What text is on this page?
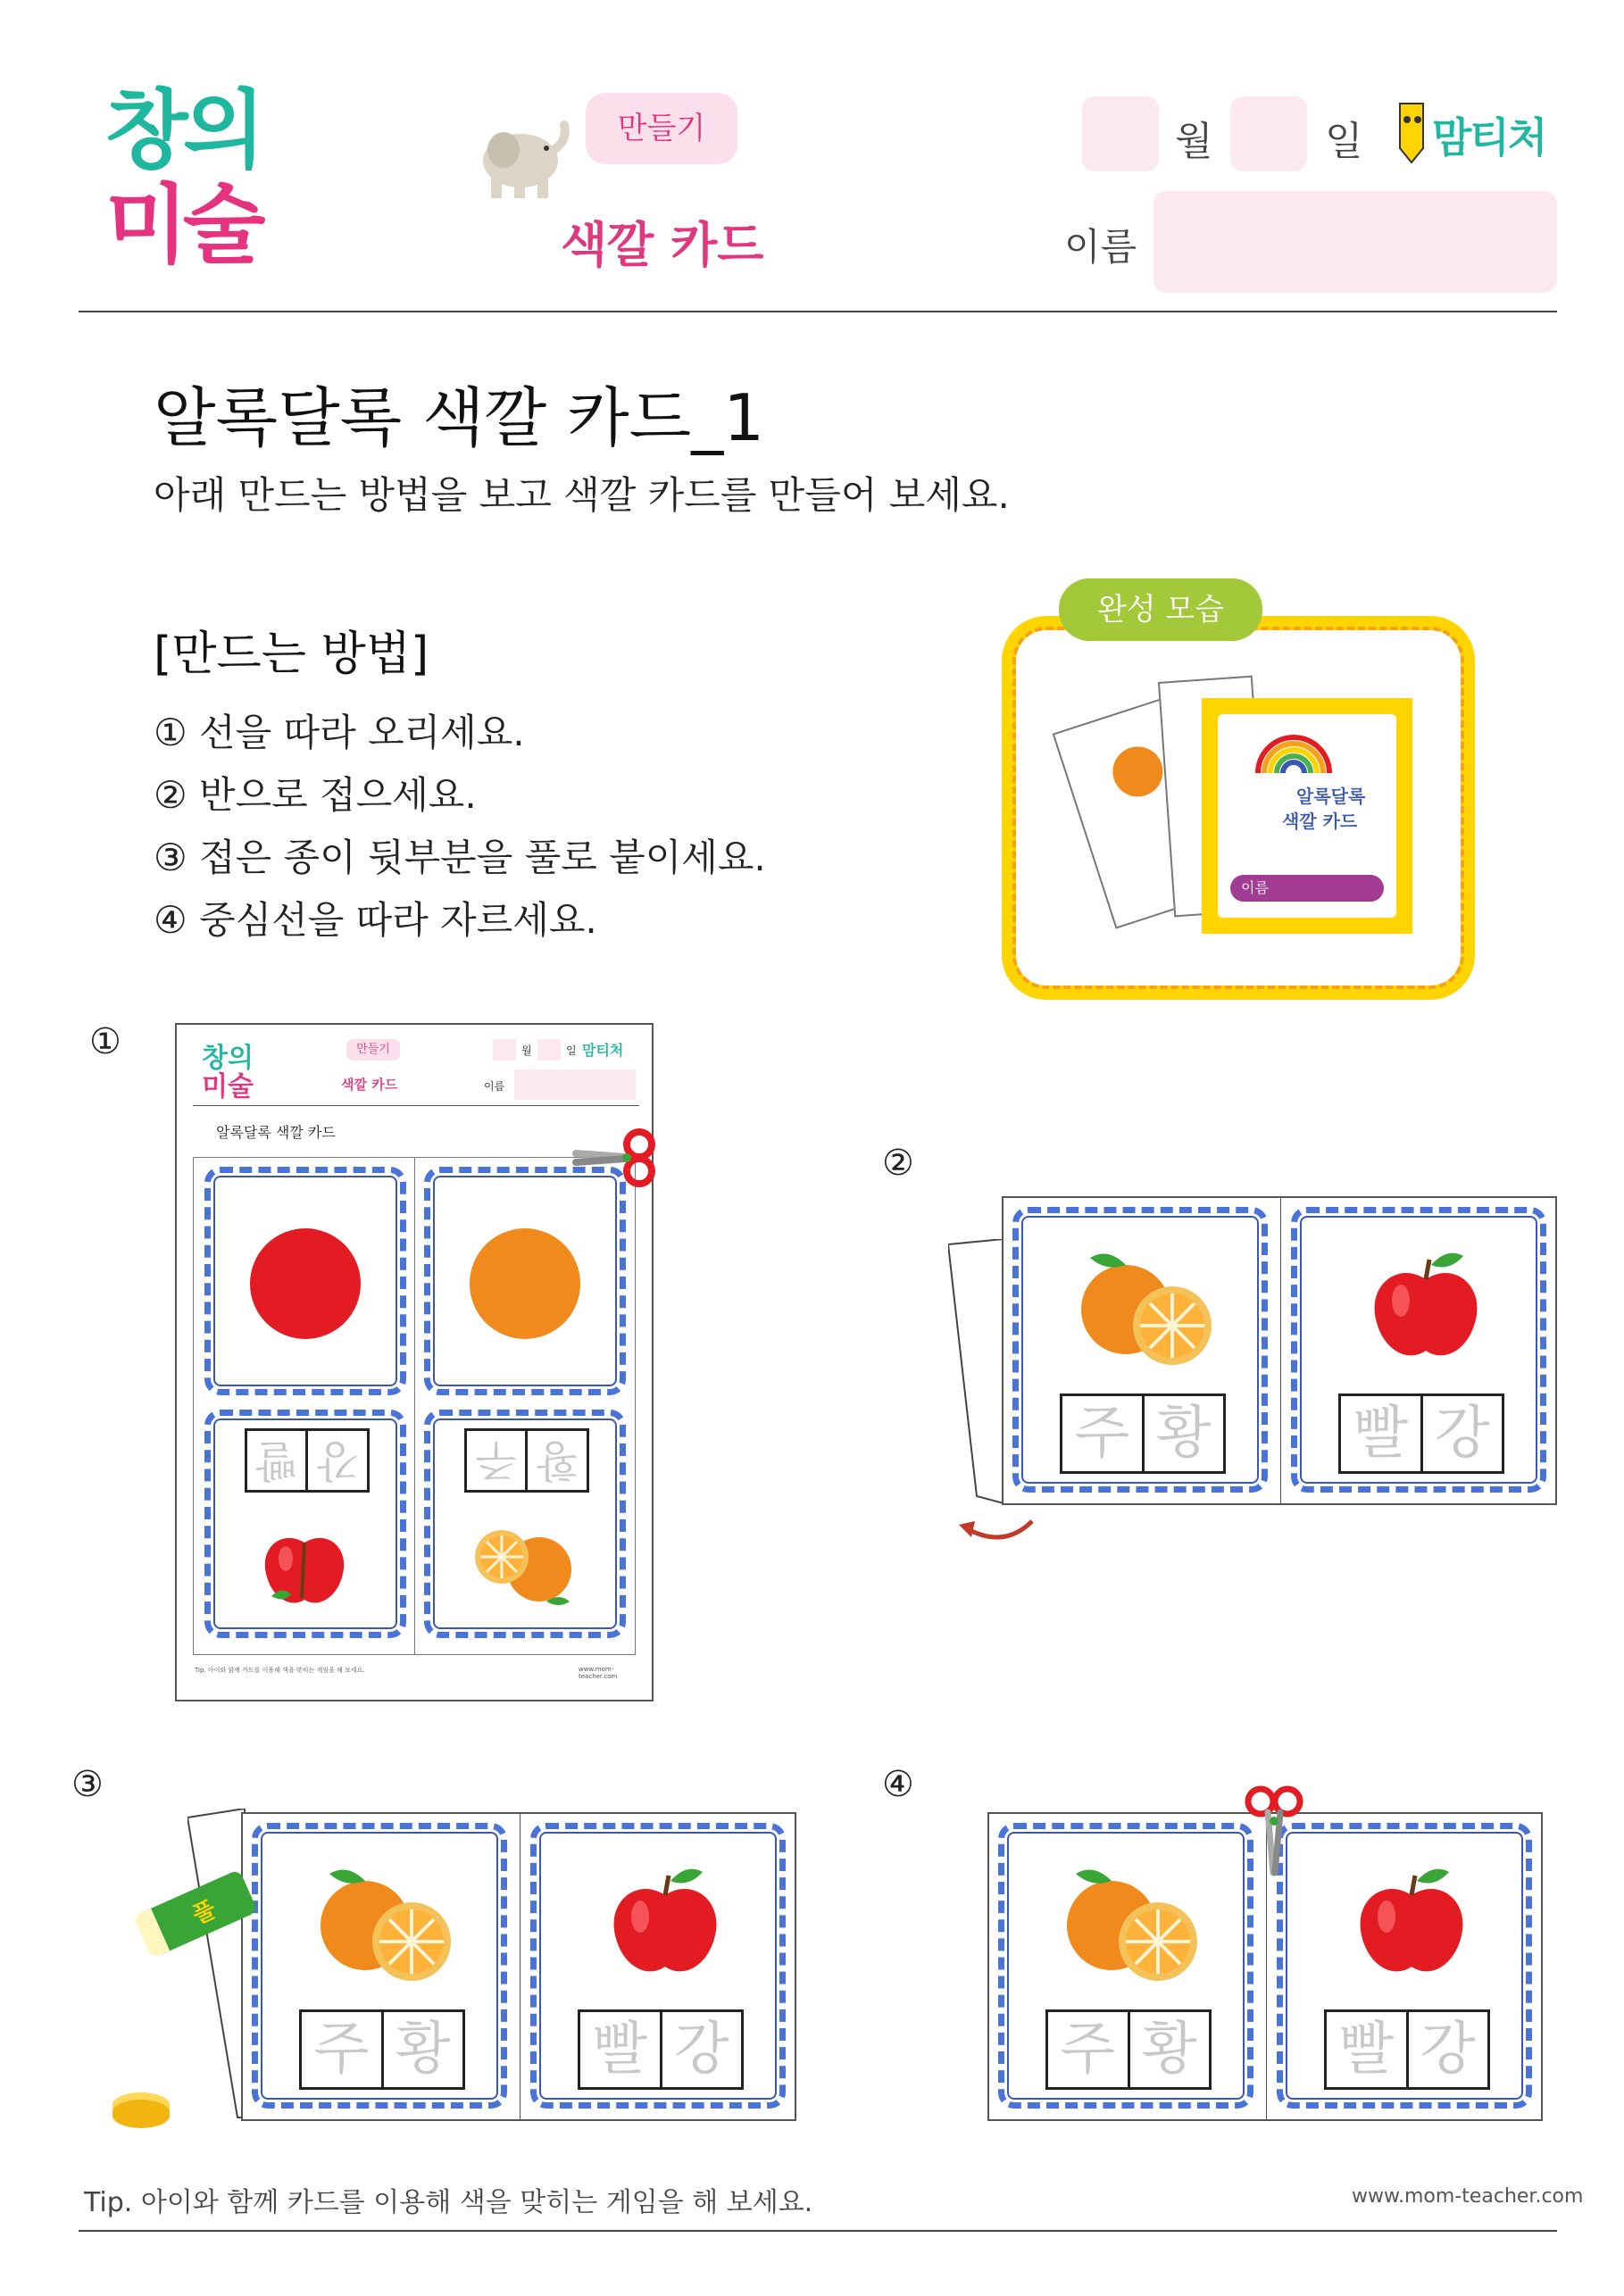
창의
미술
만들기
색깔 카드
월	일 맘티처
이름
알록달록 색깔 카드_1
아래 만드는 방법을 보고 색깔 카드를 만들어 보세요.
[만드는 방법]
① 선을 따라 오리세요.
② 반으로 접으세요.
③ 접은 종이 뒷부분을 풀로 붙이세요.
④ 중심선을 따라 자르세요.
완성 모습
알록달록
색깔 카드
이름
①	창의
미술
만들기
색깔 카드
월	일 맘티처
이름
알록달록 색깔 카드
강
빨	황
주
Tip. 아이와 함께 카드를 이용해 색을 맞히는 게임을 해 보세요.	www.mom-teacher.com
②
주 황 빨 강
③
주 황 빨 강
풀
④
주 황 빨 강
Tip. 아이와 함께 카드를 이용해 색을 맞히는 게임을 해 보세요.	www.mom-teacher.com
